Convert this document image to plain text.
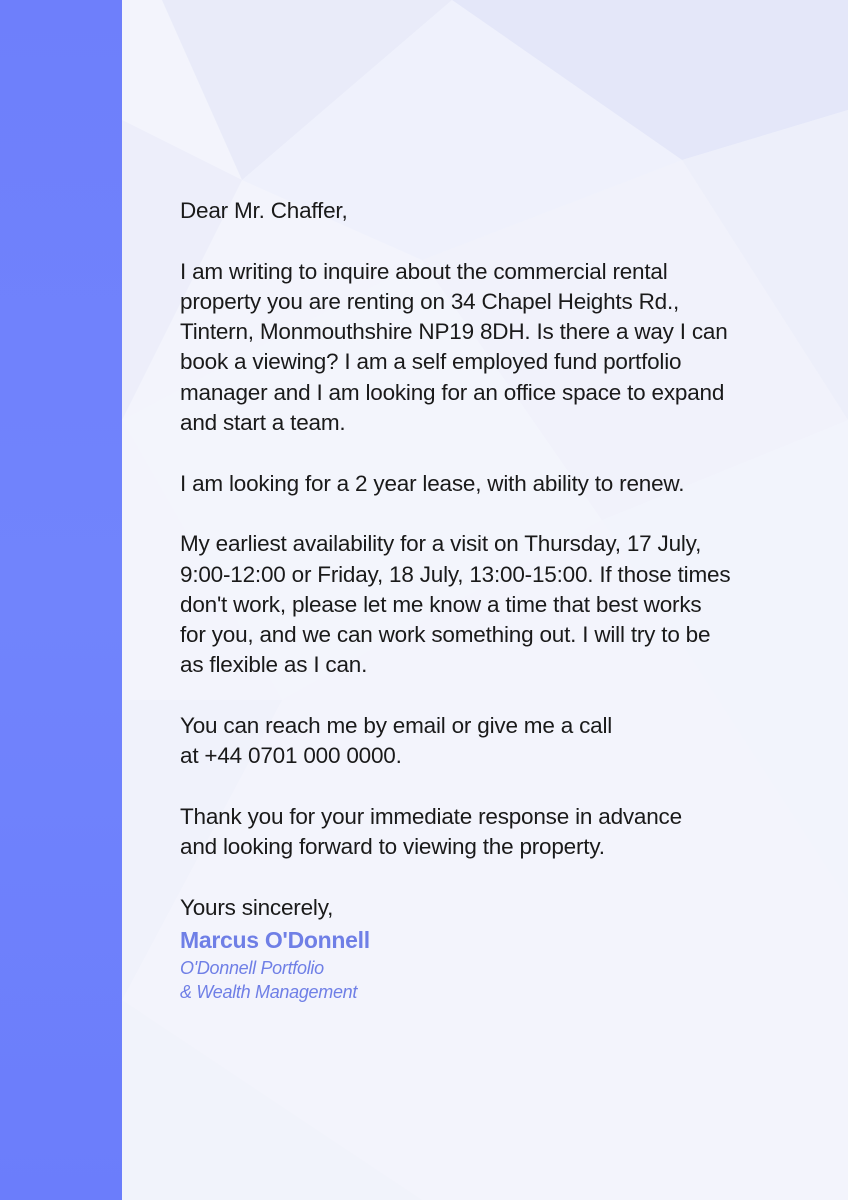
Dear Mr. Chaffer,

I am writing to inquire about the commercial rental
property you are renting on 34 Chapel Heights Rd.,
Tintern, Monmouthshire NP19 8DH. Is there a way I can
book a viewing? I am a self employed fund portfolio
manager and I am looking for an office space to expand
and start a team.

I am looking for a 2 year lease, with ability to renew.

My earliest availability for a visit on Thursday, 17 July,
9:00-12:00 or Friday, 18 July, 13:00-15:00. If those times
don't work, please let me know a time that best works
for you, and we can work something out. I will try to be
as flexible as I can.

You can reach me by email or give me a call
at +44 0701 000 0000.

Thank you for your immediate response in advance
and looking forward to viewing the property.

Yours sincerely,

Marcus O'Donnell
O'Donnell Portfolio
& Wealth Management
